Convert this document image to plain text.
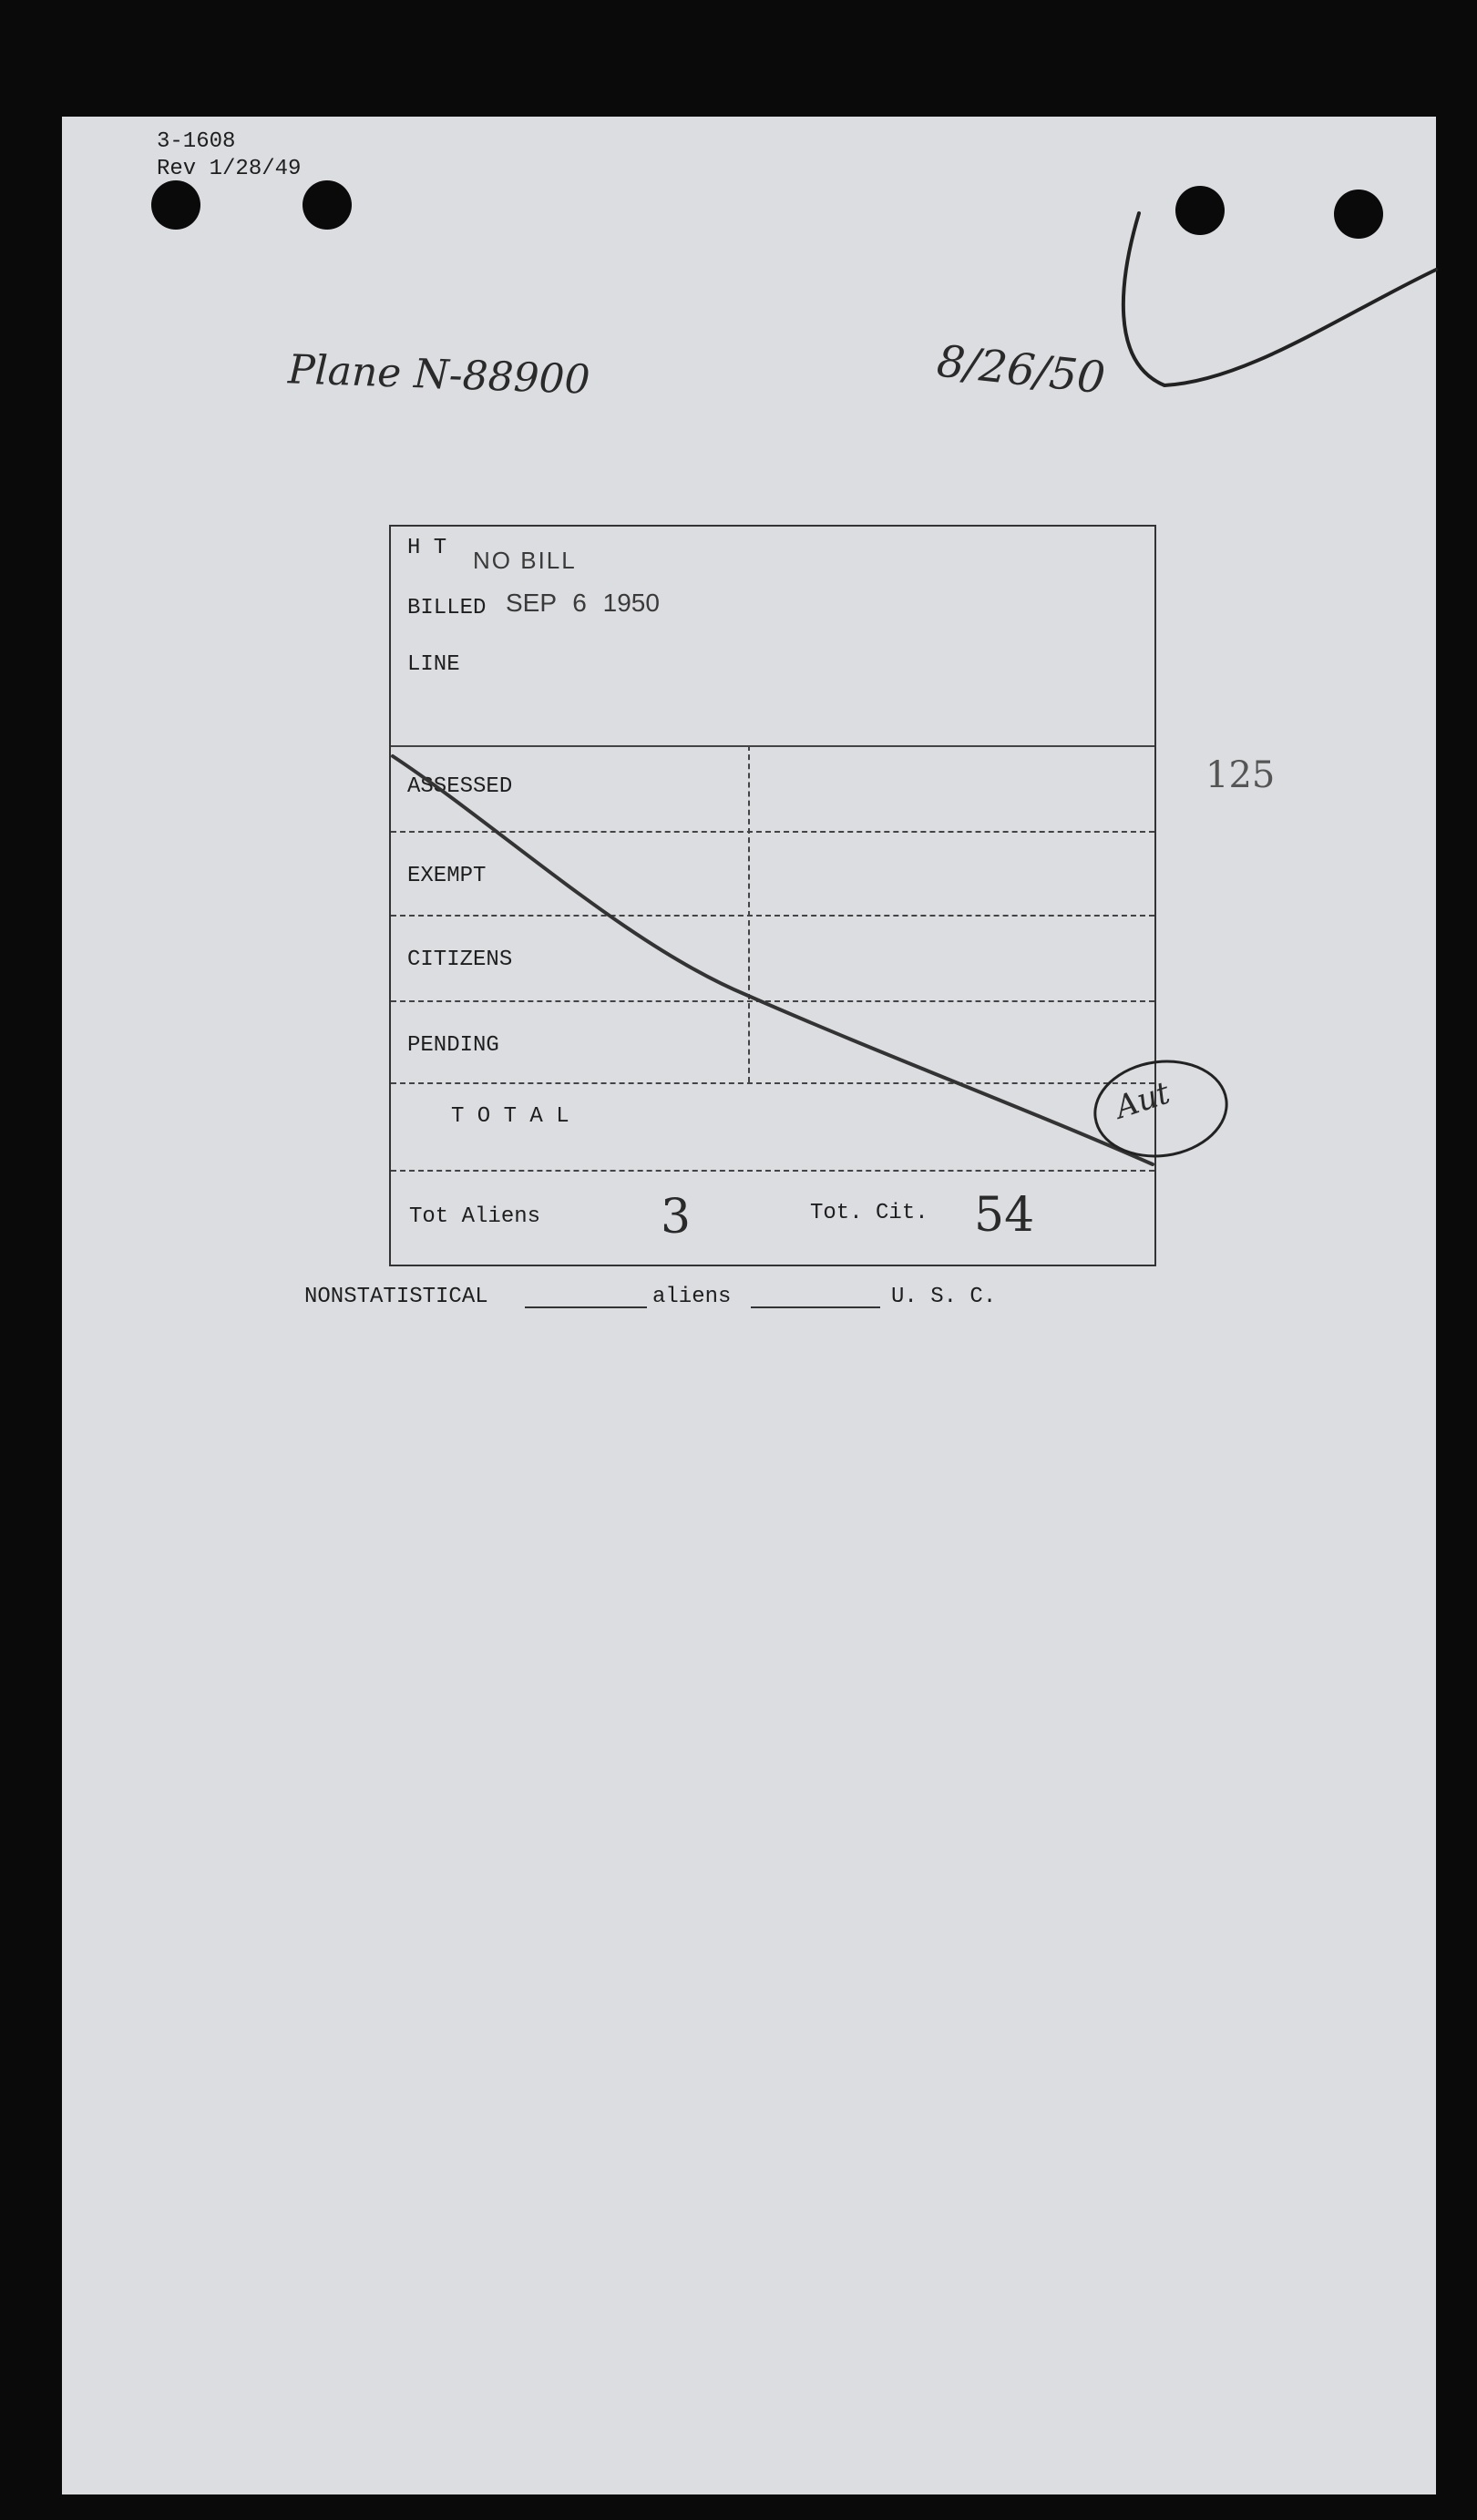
3-1608
Rev 1/28/49
Plane N-88900	8/26/50
125
H T NO BILL
BILLED SEP 6 1950
LINE
ASSESSED
EXEMPT
CITIZENS
PENDING
T O T A L
Tot Aliens	3	Tot. Cit. 54
Aut
NONSTATISTICAL	aliens	U. S. C.
